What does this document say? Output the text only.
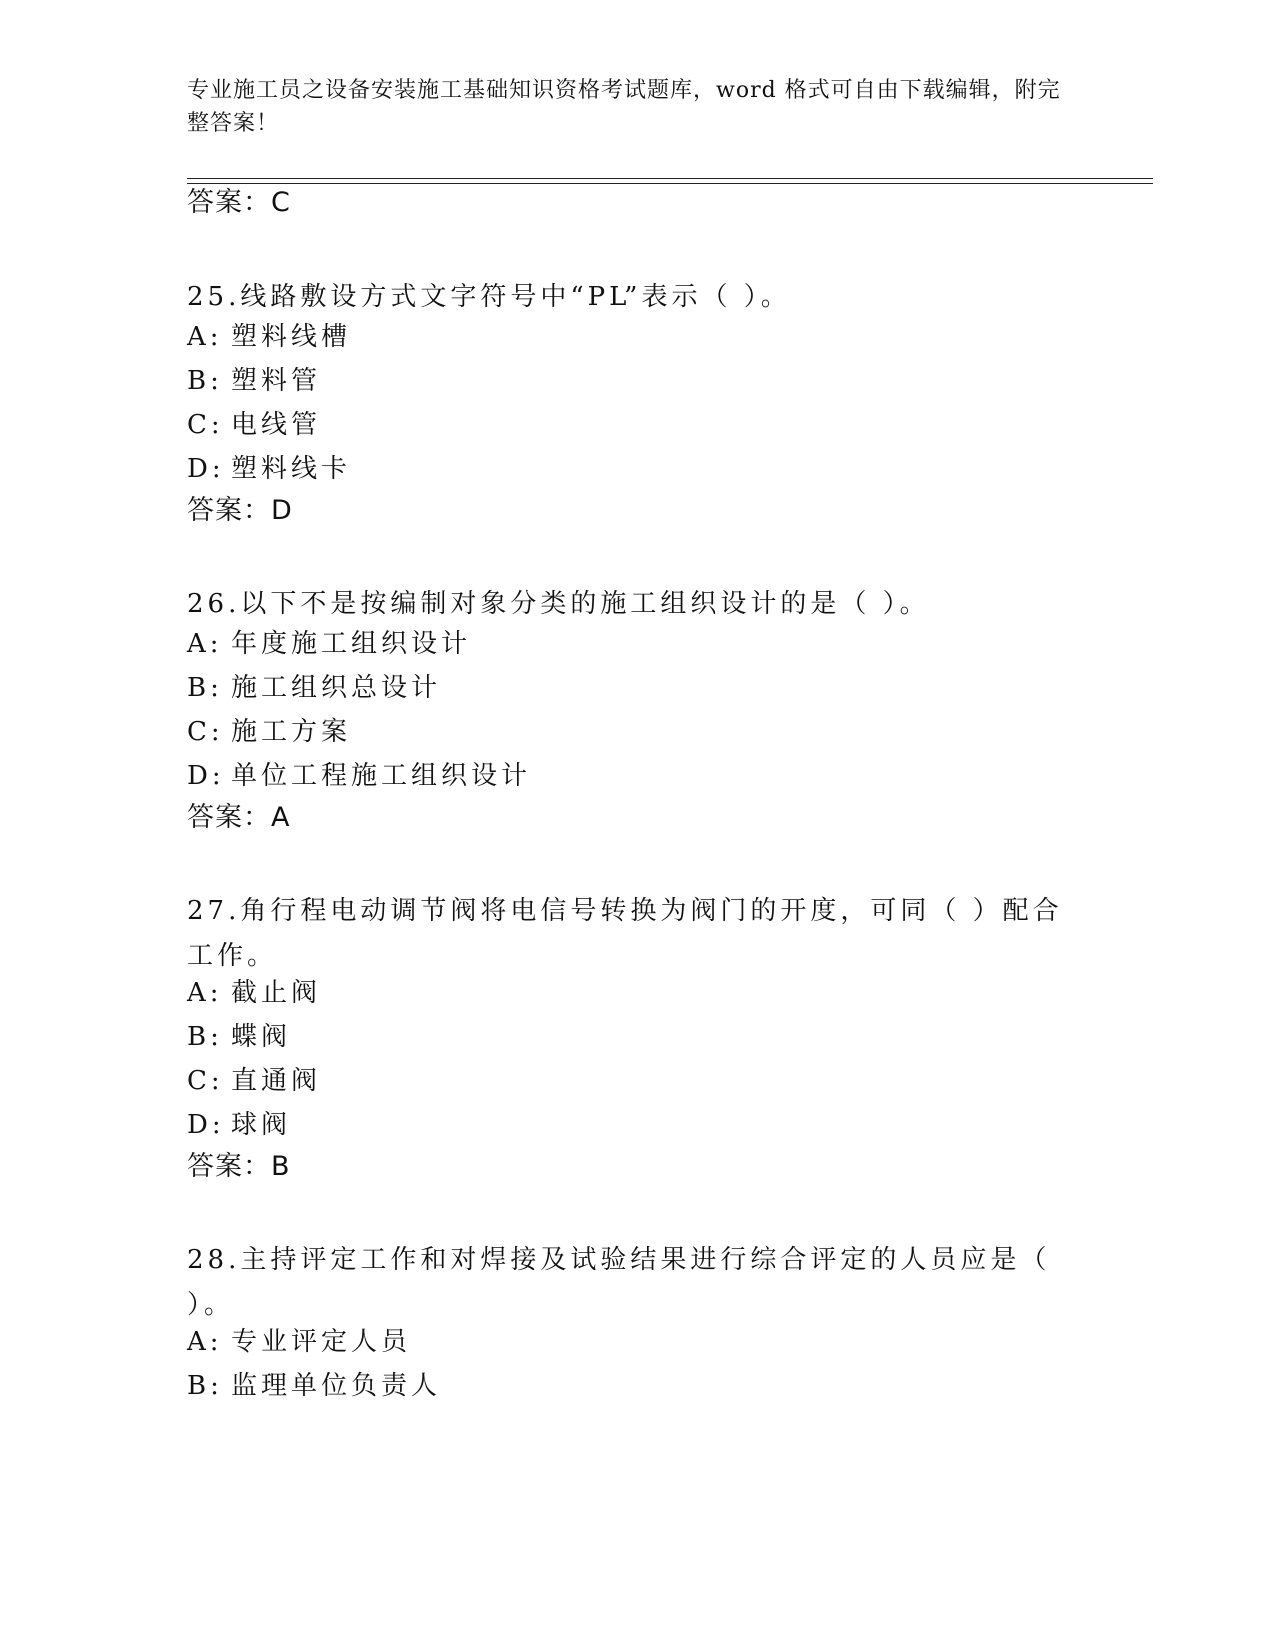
专业施工员之设备安装施工基础知识资格考试题库，word 格式可自由下载编辑，附完整答案！
答案：C
25.线路敷设方式文字符号中“PL”表示（ ）。
A: 塑料线槽
B: 塑料管
C: 电线管
D: 塑料线卡
答案：D
26.以下不是按编制对象分类的施工组织设计的是（ ）。
A: 年度施工组织设计
B: 施工组织总设计
C: 施工方案
D: 单位工程施工组织设计
答案：A
27.角行程电动调节阀将电信号转换为阀门的开度，可同（ ）配合工作。
A: 截止阀
B: 蝶阀
C: 直通阀
D: 球阀
答案：B
28.主持评定工作和对焊接及试验结果进行综合评定的人员应是（ ）。
A: 专业评定人员
B: 监理单位负责人
